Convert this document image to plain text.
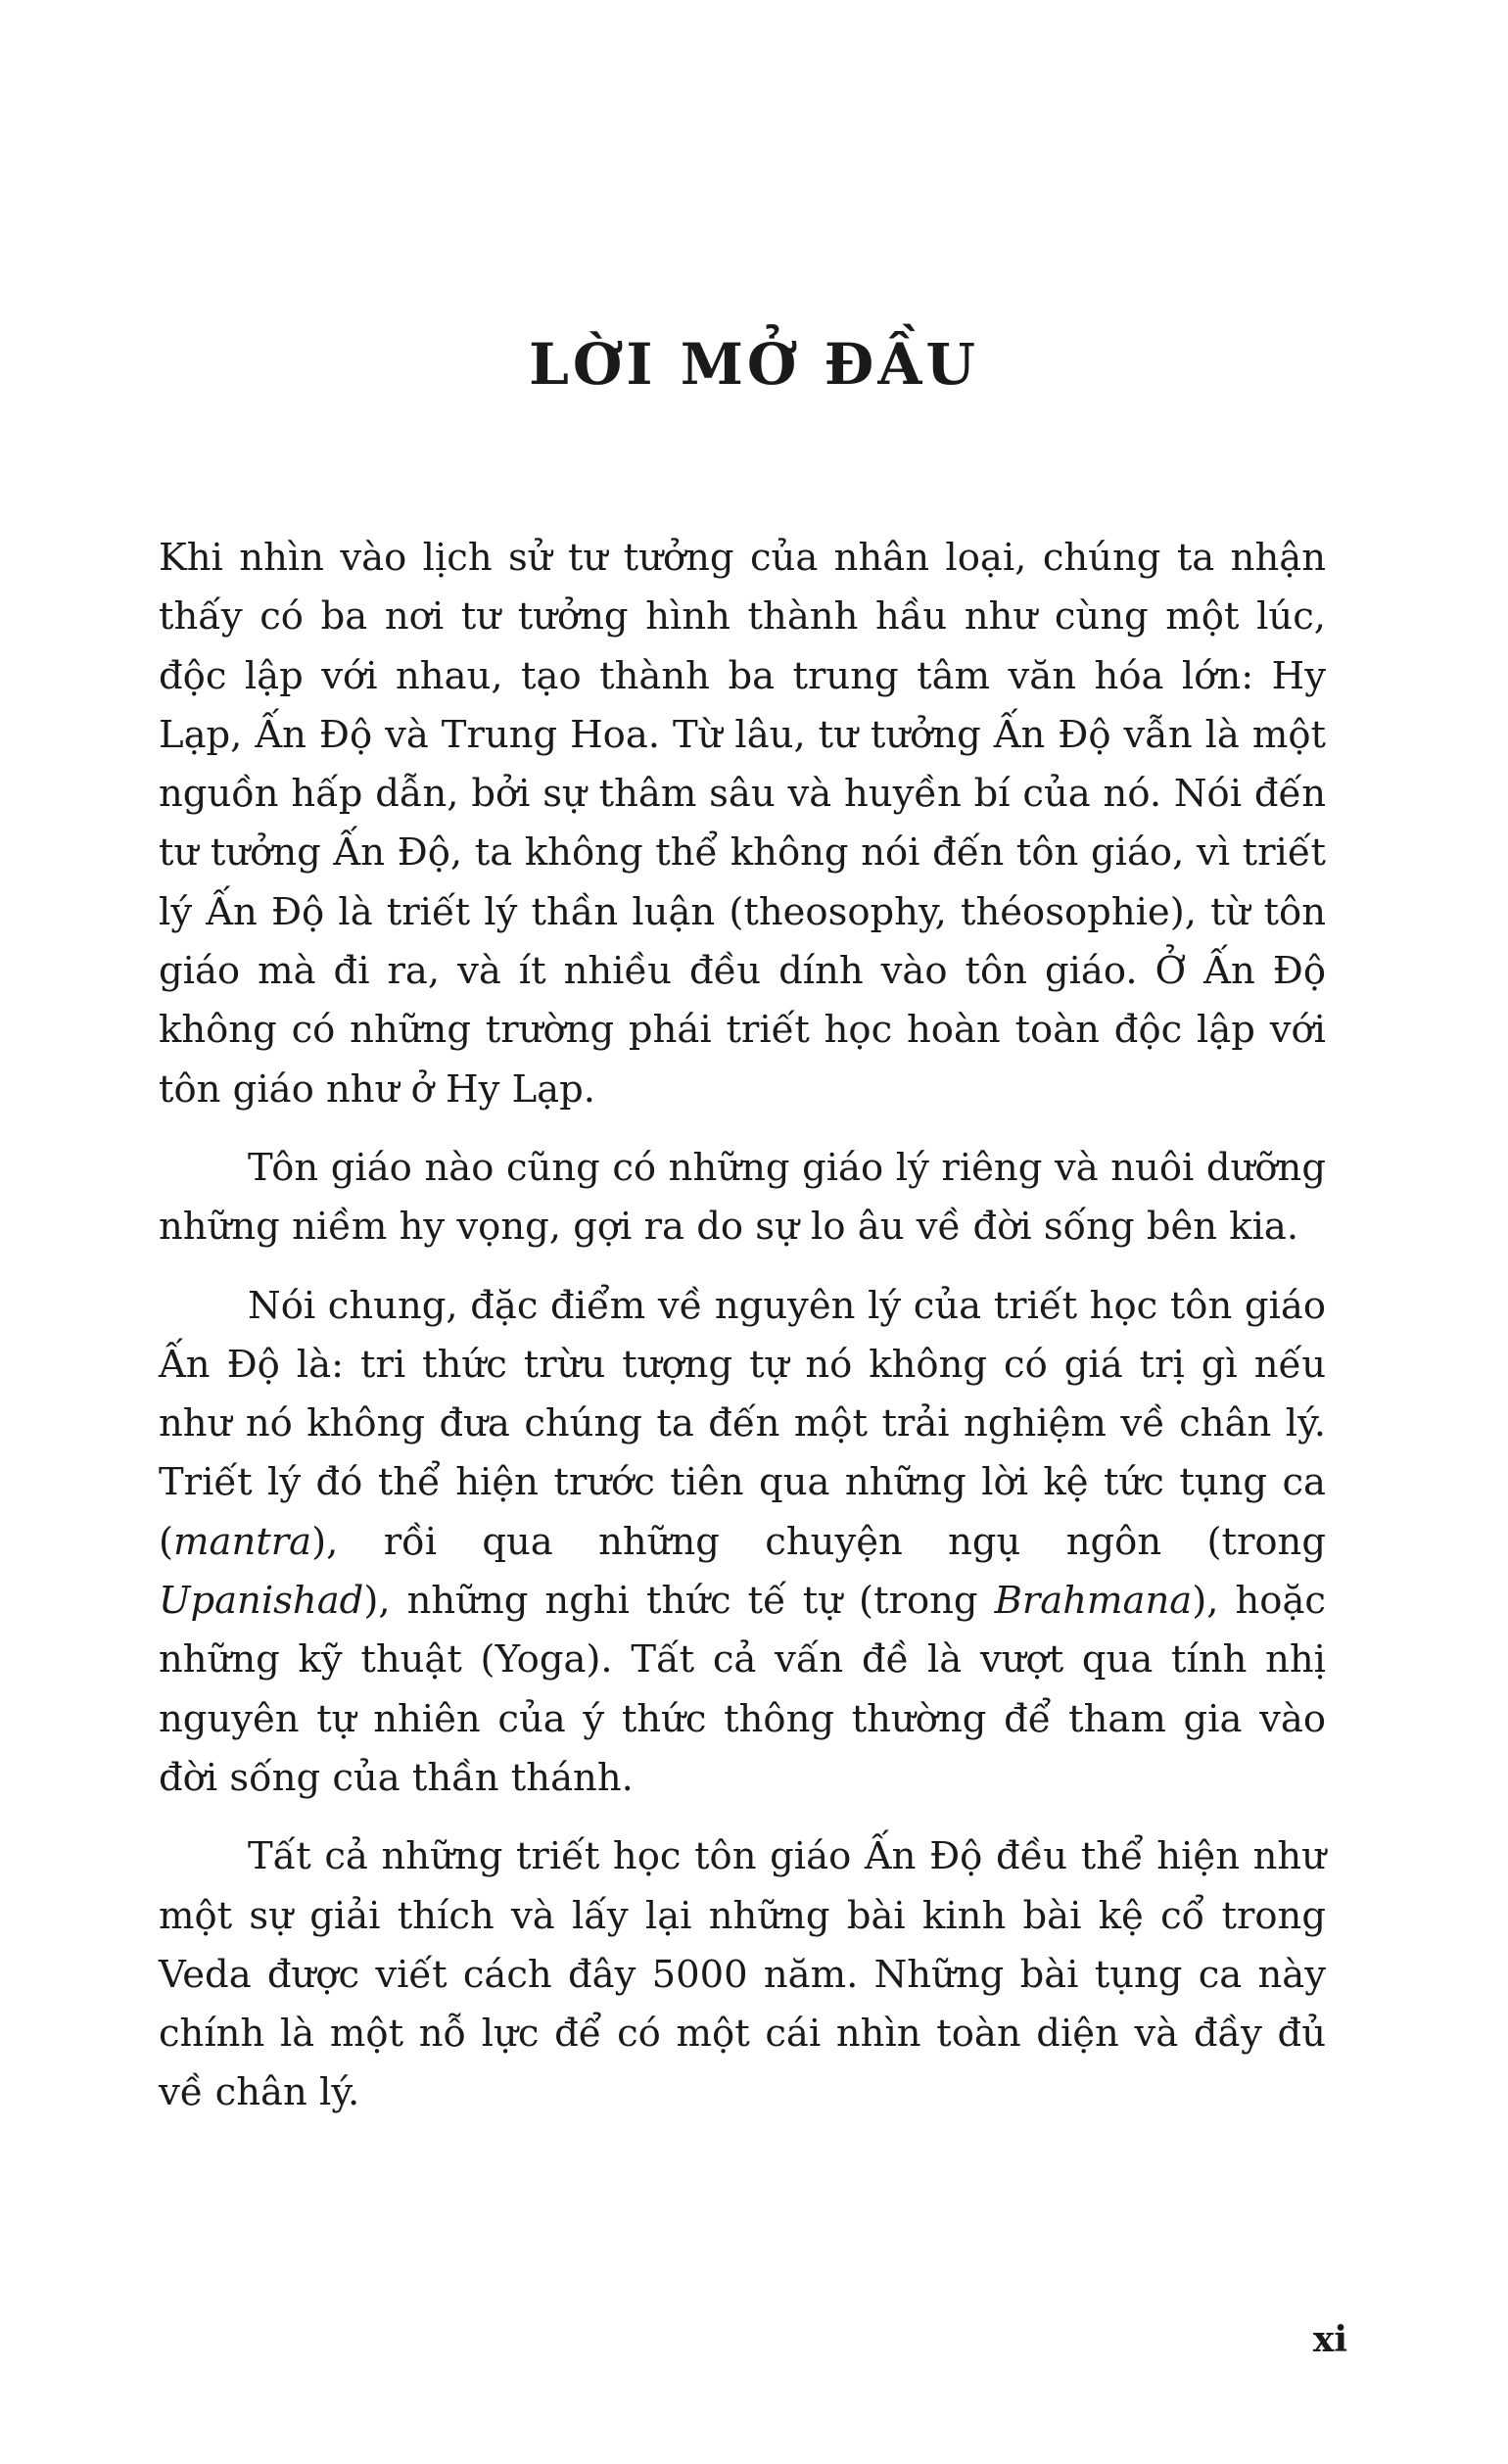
LỜI MỞ ĐẦU

Khi nhìn vào lịch sử tư tưởng của nhân loại, chúng ta nhận thấy có ba nơi tư tưởng hình thành hầu như cùng một lúc, độc lập với nhau, tạo thành ba trung tâm văn hóa lớn: Hy Lạp, Ấn Độ và Trung Hoa. Từ lâu, tư tưởng Ấn Độ vẫn là một nguồn hấp dẫn, bởi sự thâm sâu và huyền bí của nó. Nói đến tư tưởng Ấn Độ, ta không thể không nói đến tôn giáo, vì triết lý Ấn Độ là triết lý thần luận (theosophy, théosophie), từ tôn giáo mà đi ra, và ít nhiều đều dính vào tôn giáo. Ở Ấn Độ không có những trường phái triết học hoàn toàn độc lập với tôn giáo như ở Hy Lạp.

Tôn giáo nào cũng có những giáo lý riêng và nuôi dưỡng những niềm hy vọng, gợi ra do sự lo âu về đời sống bên kia.

Nói chung, đặc điểm về nguyên lý của triết học tôn giáo Ấn Độ là: tri thức trừu tượng tự nó không có giá trị gì nếu như nó không đưa chúng ta đến một trải nghiệm về chân lý. Triết lý đó thể hiện trước tiên qua những lời kệ tức tụng ca (mantra), rồi qua những chuyện ngụ ngôn (trong Upanishad), những nghi thức tế tự (trong Brahmana), hoặc những kỹ thuật (Yoga). Tất cả vấn đề là vượt qua tính nhị nguyên tự nhiên của ý thức thông thường để tham gia vào đời sống của thần thánh.

Tất cả những triết học tôn giáo Ấn Độ đều thể hiện như một sự giải thích và lấy lại những bài kinh bài kệ cổ trong Veda được viết cách đây 5000 năm. Những bài tụng ca này chính là một nỗ lực để có một cái nhìn toàn diện và đầy đủ về chân lý.

xi
